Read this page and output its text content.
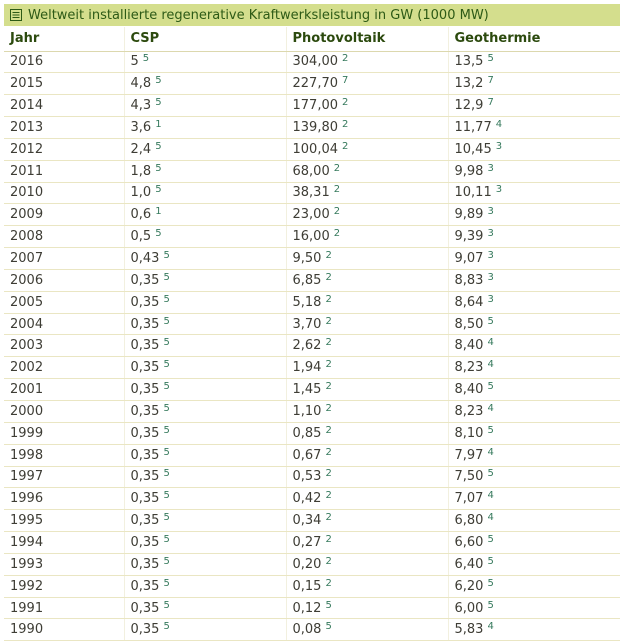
Weltweit installierte regenerative Kraftwerksleistung in GW (1000 MW)
Jahr	CSP	Photovoltaik	Geothermie
2016	5 $^5$	304,00 $^2$	13,5 $^5$
2015	4,8 $^5$	227,70 $^7$	13,2 $^7$
2014	4,3 $^5$	177,00 $^2$	12,9 $^7$
2013	3,6 $^1$	139,80 $^2$	11,77 $^4$
2012	2,4 $^5$	100,04 $^2$	10,45 $^3$
2011	1,8 $^5$	68,00 $^2$	9,98 $^3$
2010	1,0 $^5$	38,31 $^2$	10,11 $^3$
2009	0,6 $^1$	23,00 $^2$	9,89 $^3$
2008	0,5 $^5$	16,00 $^2$	9,39 $^3$
2007	0,43 $^5$	9,50 $^2$	9,07 $^3$
2006	0,35 $^5$	6,85 $^2$	8,83 $^3$
2005	0,35 $^5$	5,18 $^2$	8,64 $^3$
2004	0,35 $^5$	3,70 $^2$	8,50 $^5$
2003	0,35 $^5$	2,62 $^2$	8,40 $^4$
2002	0,35 $^5$	1,94 $^2$	8,23 $^4$
2001	0,35 $^5$	1,45 $^2$	8,40 $^5$
2000	0,35 $^5$	1,10 $^2$	8,23 $^4$
1999	0,35 $^5$	0,85 $^2$	8,10 $^5$
1998	0,35 $^5$	0,67 $^2$	7,97 $^4$
1997	0,35 $^5$	0,53 $^2$	7,50 $^5$
1996	0,35 $^5$	0,42 $^2$	7,07 $^4$
1995	0,35 $^5$	0,34 $^2$	6,80 $^4$
1994	0,35 $^5$	0,27 $^2$	6,60 $^5$
1993	0,35 $^5$	0,20 $^2$	6,40 $^5$
1992	0,35 $^5$	0,15 $^2$	6,20 $^5$
1991	0,35 $^5$	0,12 $^5$	6,00 $^5$
1990	0,35 $^5$	0,08 $^5$	5,83 $^4$
